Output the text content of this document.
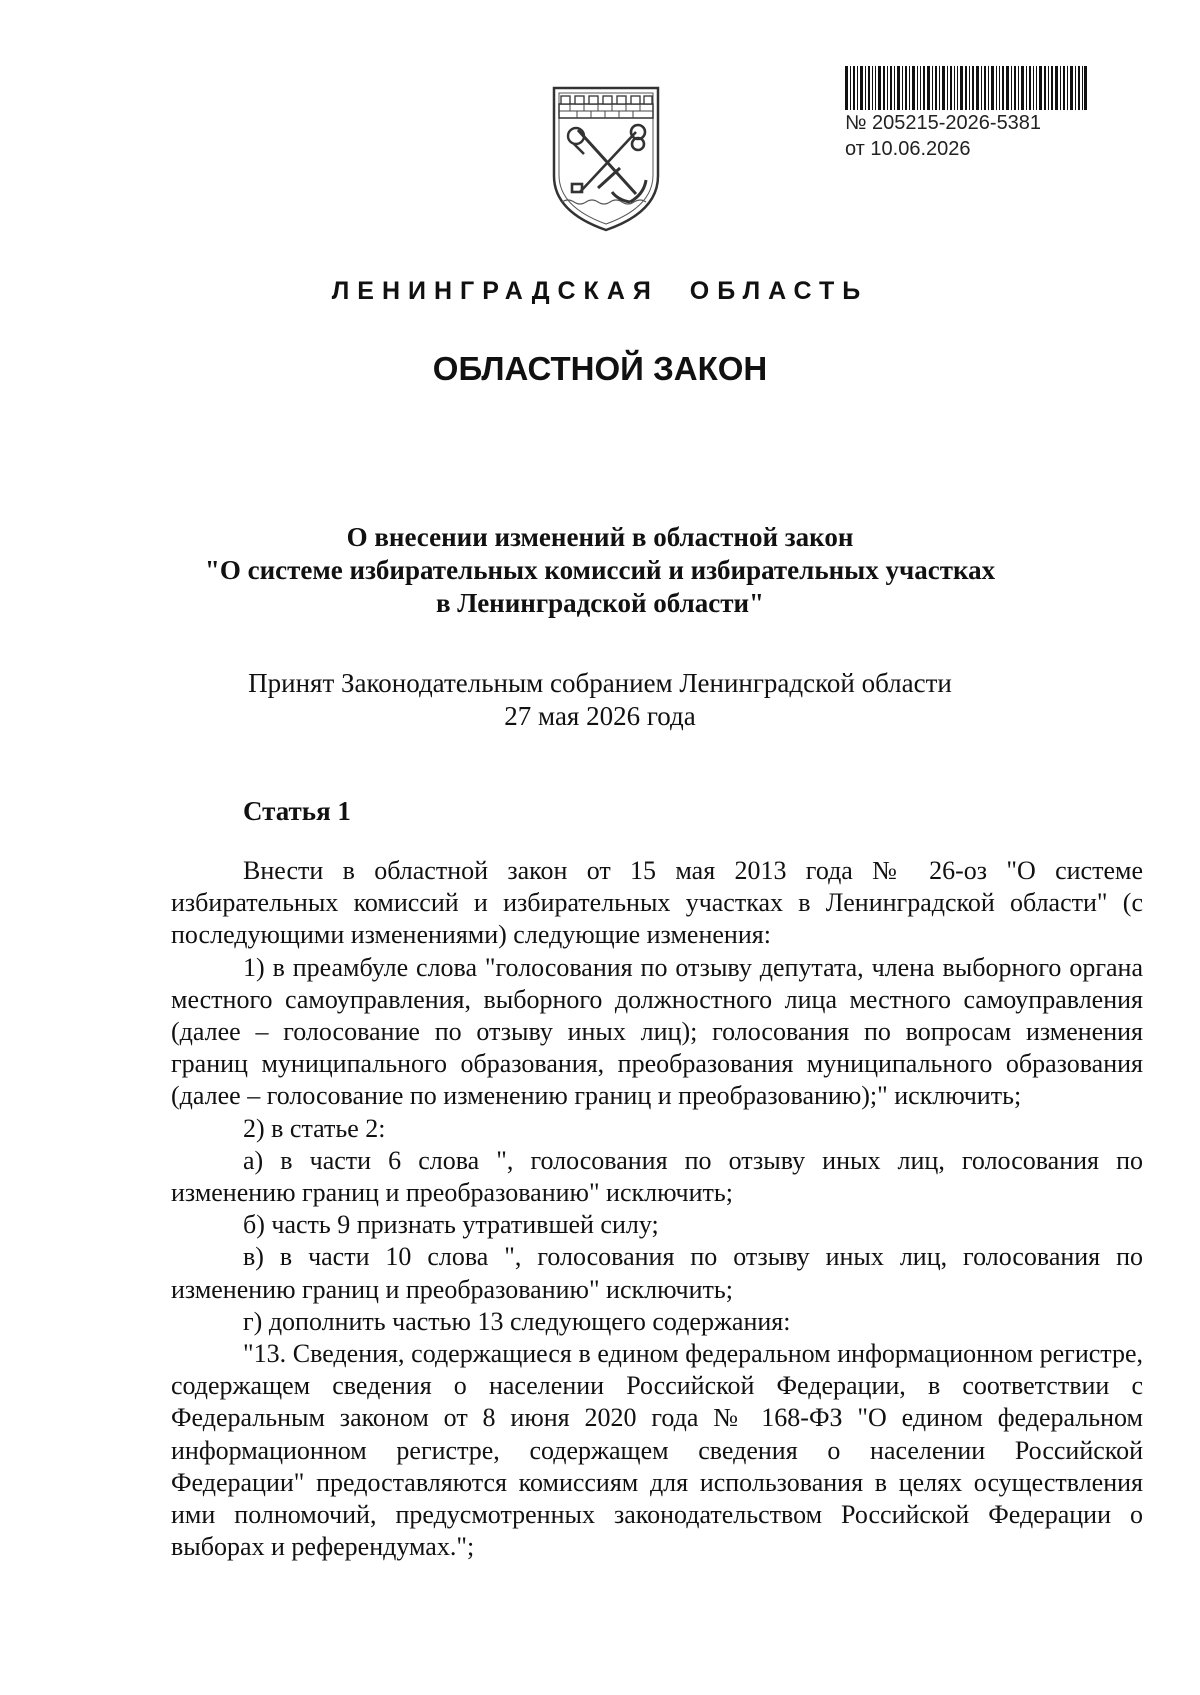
№ 205215-2026-5381
от 10.06.2026
ЛЕНИНГРАДСКАЯ ОБЛАСТЬ
ОБЛАСТНОЙ ЗАКОН
О внесении изменений в областной закон
"О системе избирательных комиссий и избирательных участках
в Ленинградской области"
Принят Законодательным собранием Ленинградской области
27 мая 2026 года
Статья 1

Внести в областной закон от 15 мая 2013 года № 26-оз "О системе избирательных комиссий и избирательных участках в Ленинградской области" (с последующими изменениями) следующие изменения:

1) в преамбуле слова "голосования по отзыву депутата, члена выборного органа местного самоуправления, выборного должностного лица местного самоуправления (далее – голосование по отзыву иных лиц); голосования по вопросам изменения границ муниципального образования, преобразования муниципального образования (далее – голосование по изменению границ и преобразованию);" исключить;

2) в статье 2:

а) в части 6 слова ", голосования по отзыву иных лиц, голосования по изменению границ и преобразованию" исключить;

б) часть 9 признать утратившей силу;

в) в части 10 слова ", голосования по отзыву иных лиц, голосования по изменению границ и преобразованию" исключить;

г) дополнить частью 13 следующего содержания:

"13. Сведения, содержащиеся в едином федеральном информационном регистре, содержащем сведения о населении Российской Федерации, в соответствии с Федеральным законом от 8 июня 2020 года № 168-ФЗ "О едином федеральном информационном регистре, содержащем сведения о населении Российской Федерации" предоставляются комиссиям для использования в целях осуществления ими полномочий, предусмотренных законодательством Российской Федерации о выборах и референдумах.";
